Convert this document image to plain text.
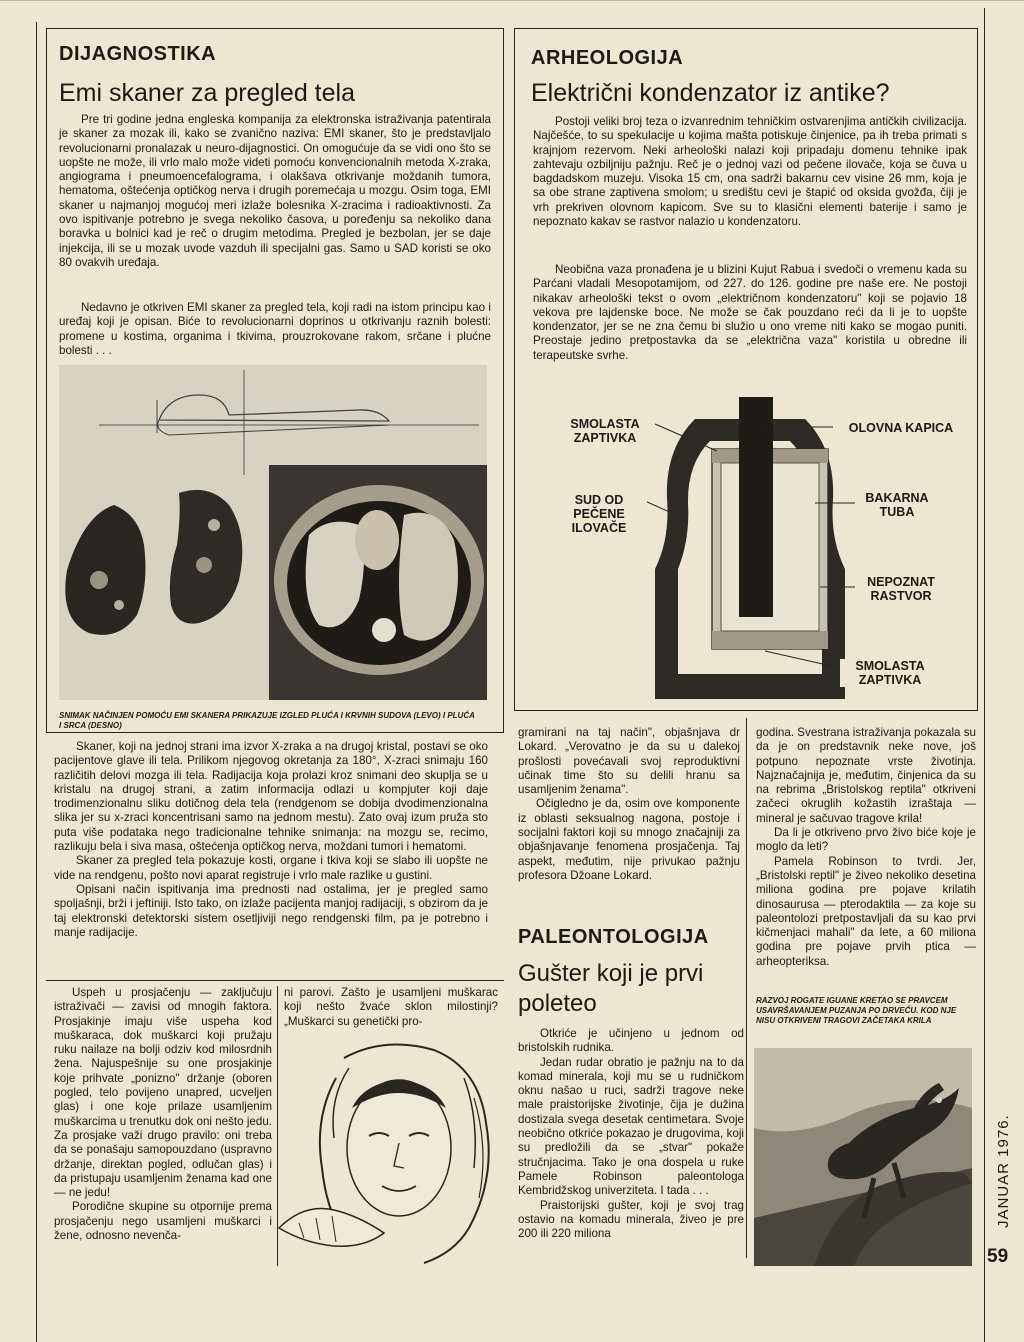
DIJAGNOSTIKA
Emi skaner za pregled tela

Pre tri godine jedna engleska kompanija za elektronska istraživanja patentirala je skaner za mozak ili, kako se zvanično naziva: EMI skaner, što je predstavljalo revolucionarni pronalazak u neuro-dijagnostici. On omogućuje da se vidi ono što se uopšte ne može, ili vrlo malo može videti pomoću konvencionalnih metoda X-zraka, angiograma i pneumoencefalograma, i olakšava otkrivanje moždanih tumora, hematoma, oštećenja optičkog nerva i drugih poremećaja u mozgu. Osim toga, EMI skaner u najmanjoj mogućoj meri izlaže bolesnika X-zracima i radioaktivnosti. Za ovo ispitivanje potrebno je svega nekoliko časova, u poređenju sa nekoliko dana boravka u bolnici kad je reč o drugim metodima. Pregled je bezbolan, jer se daje injekcija, ili se u mozak uvode vazduh ili specijalni gas. Samo u SAD koristi se oko 80 ovakvih uređaja.

Nedavno je otkriven EMI skaner za pregled tela, koji radi na istom principu kao i uređaj koji je opisan. Biće to revolucionarni doprinos u otkrivanju raznih bolesti: promene u kostima, organima i tkivima, prouzrokovane rakom, srčane i plućne bolesti . . .

SNIMAK NAČINJEN POMOĆU EMI SKANERA PRIKAZUJE IZGLED PLUĆA I KRVNIH SUDOVA (LEVO) I PLUĆA I SRCA (DESNO)

Skaner, koji na jednoj strani ima izvor X-zraka a na drugoj kristal, postavi se oko pacijentove glave ili tela. Prilikom njegovog okretanja za 180°, X-zraci snimaju 160 različitih delovi mozga ili tela. Radijacija koja prolazi kroz snimani deo skuplja se u kristalu na drugoj strani, a zatim informacija odlazi u kompjuter koji daje trodimenzionalnu sliku dotičnog dela tela (rendgenom se dobija dvodimenzionalna slika jer su x-zraci koncentrisani samo na jednom mestu). Zato ovaj izum pruža sto puta više podataka nego tradicionalne tehnike snimanja: na mozgu se, recimo, razlikuju bela i siva masa, oštećenja optičkog nerva, moždani tumori i hematomi.

Skaner za pregled tela pokazuje kosti, organe i tkiva koji se slabo ili uopšte ne vide na rendgenu, pošto novi aparat registruje i vrlo male razlike u gustini.

Opisani način ispitivanja ima prednosti nad ostalima, jer je pregled samo spoljašnji, brži i jeftiniji. Isto tako, on izlaže pacijenta manjoj radijaciji, s obzirom da je taj elektronski detektorski sistem osetljiviji nego rendgenski film, pa je potrebno i manje radijacije.

Uspeh u prosjačenju — zaključuju istraživači — zavisi od mnogih faktora. Prosjakinje imaju više uspeha kod muškaraca, dok muškarci koji pružaju ruku nailaze na bolji odziv kod milosrdnih žena. Najuspešnije su one prosjakinje koje prihvate „ponizno" držanje (oboren pogled, telo povijeno unapred, ucveljen glas) i one koje prilaze usamljenim muškarcima u trenutku dok oni nešto jedu. Za prosjake važi drugo pravilo: oni treba da se ponašaju samopouzdano (uspravno držanje, direktan pogled, odlučan glas) i da pristupaju usamljenim ženama kad one — ne jedu!

Porodične skupine su otpornije prema prosjačenju nego usamljeni muškarci i žene, odnosno nevenča-

ni parovi. Zašto je usamljeni muškarac koji nešto žvaće sklon milostinji? „Muškarci su genetički pro-

ARHEOLOGIJA
Električni kondenzator iz antike?

Postoji veliki broj teza o izvanrednim tehničkim ostvarenjima antičkih civilizacija. Najčešće, to su spekulacije u kojima mašta potiskuje činjenice, pa ih treba primati s krajnjom rezervom. Neki arheološki nalazi koji pripadaju domenu tehnike ipak zahtevaju ozbiljniju pažnju. Reč je o jednoj vazi od pečene ilovače, koja se čuva u bagdadskom muzeju. Visoka 15 cm, ona sadrži bakarnu cev visine 26 mm, koja je sa obe strane zaptivena smolom; u središtu cevi je štapić od oksida gvožđa, čiji je vrh prekriven olovnom kapicom. Sve su to klasični elementi baterije i samo je nepoznato kakav se rastvor nalazio u kondenzatoru.

Neobična vaza pronađena je u blizini Kujut Rabua i svedoči o vremenu kada su Parćani vladali Mesopotamijom, od 227. do 126. godine pre naše ere. Ne postoji nikakav arheološki tekst o ovom „električnom kondenzatoru" koji se pojavio 18 vekova pre lajdenske boce. Ne može se čak pouzdano reći da li je to uopšte kondenzator, jer se ne zna čemu bi služio u ono vreme niti kako se mogao puniti. Preostaje jedino pretpostavka da se „električna vaza" koristila u obredne ili terapeutske svrhe.

SMOLASTA ZAPTIVKA
OLOVNA KAPICA
SUD OD PEČENE ILOVAČE
BAKARNA TUBA
NEPOZNAT RASTVOR
SMOLASTA ZAPTIVKA

gramirani na taj način", objašnjava dr Lokard. „Verovatno je da su u dalekoj prošlosti povećavali svoj reproduktivni učinak time što su delili hranu sa usamljenim ženama".

Očigledno je da, osim ove komponente iz oblasti seksualnog nagona, postoje i socijalni faktori koji su mnogo značajniji za objašnjavanje fenomena prosjačenja. Taj aspekt, međutim, nije privukao pažnju profesora Džoane Lokard.

PALEONTOLOGIJA
Gušter koji je prvi poleteo

Otkriće je učinjeno u jednom od bristolskih rudnika.

Jedan rudar obratio je pažnju na to da komad minerala, koji mu se u rudničkom oknu našao u ruci, sadrži tragove neke male praistorijske životinje, čija je dužina dostizala svega desetak centimetara. Svoje neobično otkriće pokazao je drugovima, koji su predložili da se „stvar" pokaže stručnjacima. Tako je ona dospela u ruke Pamele Robinson paleontologa Kembridžskog univerziteta. I tada . . .

Praistorijski gušter, koji je svoj trag ostavio na komadu minerala, živeo je pre 200 ili 220 miliona

godina. Svestrana istraživanja pokazala su da je on predstavnik neke nove, još potpuno nepoznate vrste životinja. Najznačajnija je, međutim, činjenica da su na rebrima „Bristolskog reptila" otkriveni začeci okruglih kožastih izraštaja — mineral je sačuvao tragove krila!

Da li je otkriveno prvo živo biće koje je moglo da leti?

Pamela Robinson to tvrdi. Jer, „Bristolski reptil" je živeo nekoliko desetina miliona godina pre pojave krilatih dinosaurusa — pterodaktila — za koje su paleontolozi pretpostavljali da su kao prvi kičmenjaci mahali" da lete, a 60 miliona godina pre pojave prvih ptica — arheopteriksa.

RAZVOJ ROGATE IGUANE KRETAO SE PRAVCEM USAVRŠAVANJEM PUZANJA PO DRVEĆU. KOD NJE NISU OTKRIVENI TRAGOVI ZAČETAKA KRILA
JANUAR 1976.
59
